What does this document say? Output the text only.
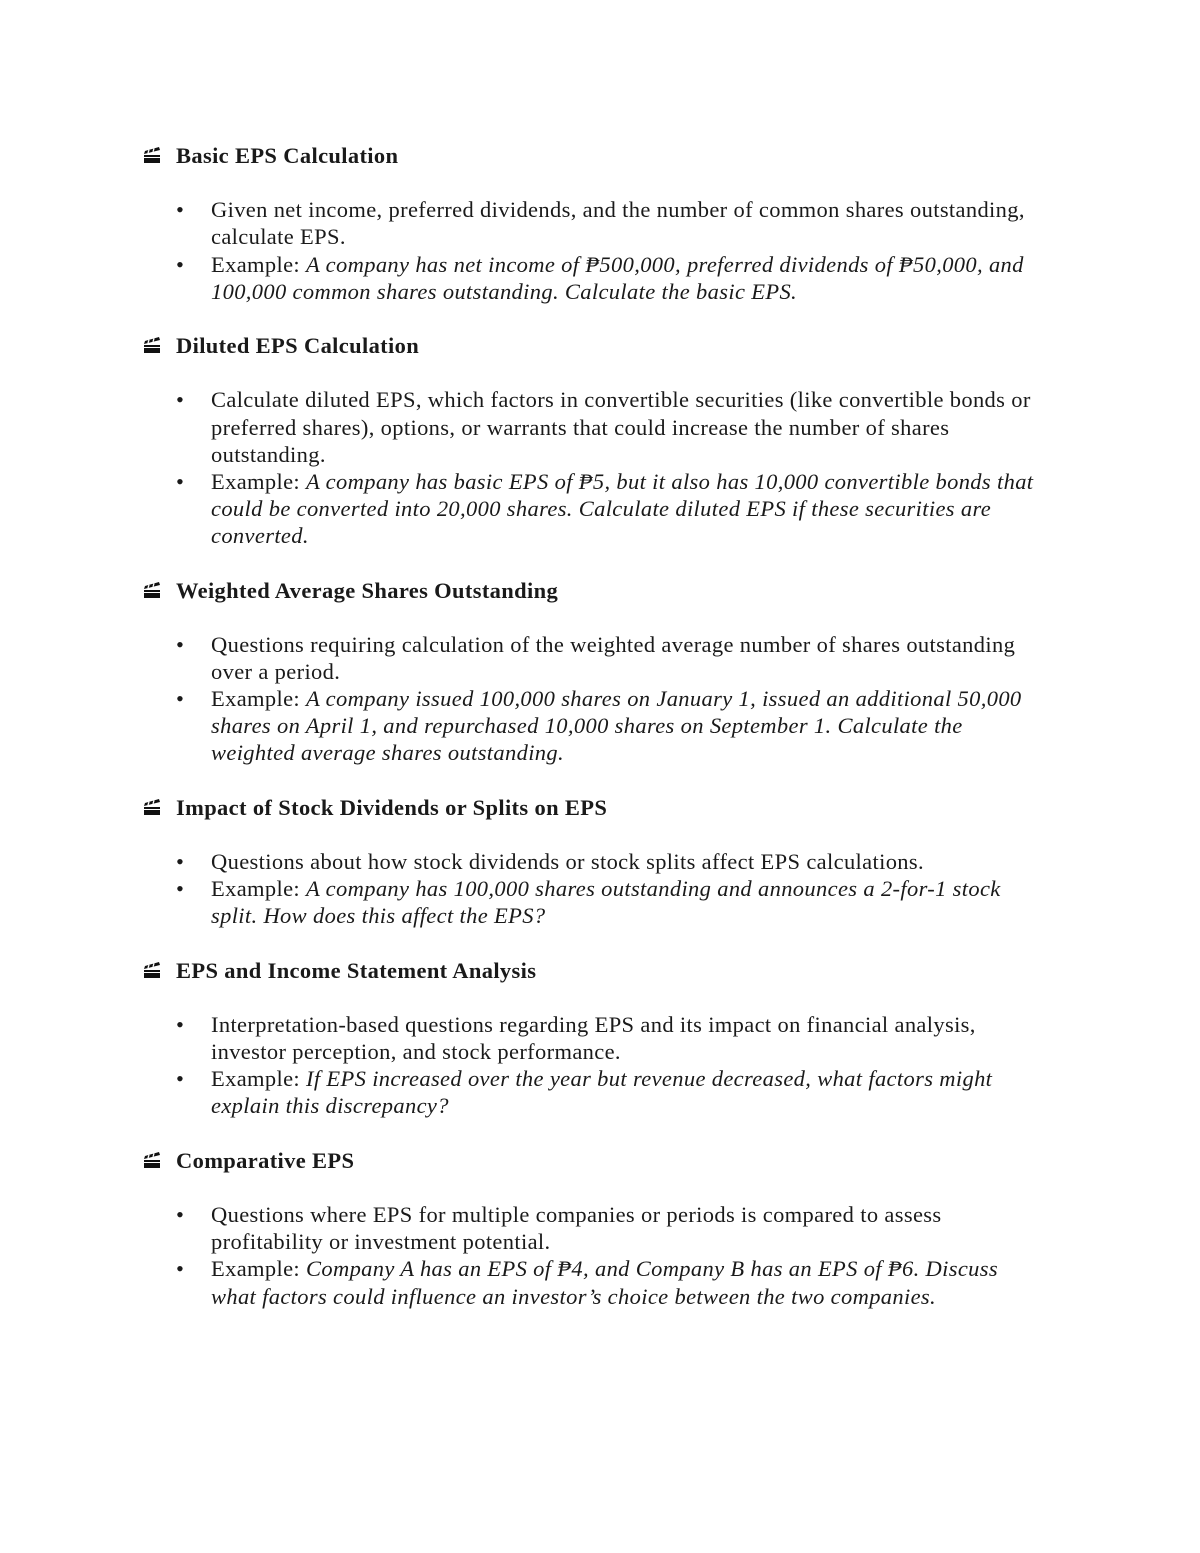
Basic EPS Calculation
• Given net income, preferred dividends, and the number of common shares outstanding,
calculate EPS.
• Example: A company has net income of ₱500,000, preferred dividends of ₱50,000, and
100,000 common shares outstanding. Calculate the basic EPS.
Diluted EPS Calculation
• Calculate diluted EPS, which factors in convertible securities (like convertible bonds or
preferred shares), options, or warrants that could increase the number of shares
outstanding.
• Example: A company has basic EPS of ₱5, but it also has 10,000 convertible bonds that
could be converted into 20,000 shares. Calculate diluted EPS if these securities are
converted.
Weighted Average Shares Outstanding
• Questions requiring calculation of the weighted average number of shares outstanding
over a period.
• Example: A company issued 100,000 shares on January 1, issued an additional 50,000
shares on April 1, and repurchased 10,000 shares on September 1. Calculate the
weighted average shares outstanding.
Impact of Stock Dividends or Splits on EPS
• Questions about how stock dividends or stock splits affect EPS calculations.
• Example: A company has 100,000 shares outstanding and announces a 2-for-1 stock
split. How does this affect the EPS?
EPS and Income Statement Analysis
• Interpretation-based questions regarding EPS and its impact on financial analysis,
investor perception, and stock performance.
• Example: If EPS increased over the year but revenue decreased, what factors might
explain this discrepancy?
Comparative EPS
• Questions where EPS for multiple companies or periods is compared to assess
profitability or investment potential.
• Example: Company A has an EPS of ₱4, and Company B has an EPS of ₱6. Discuss
what factors could influence an investor’s choice between the two companies.
